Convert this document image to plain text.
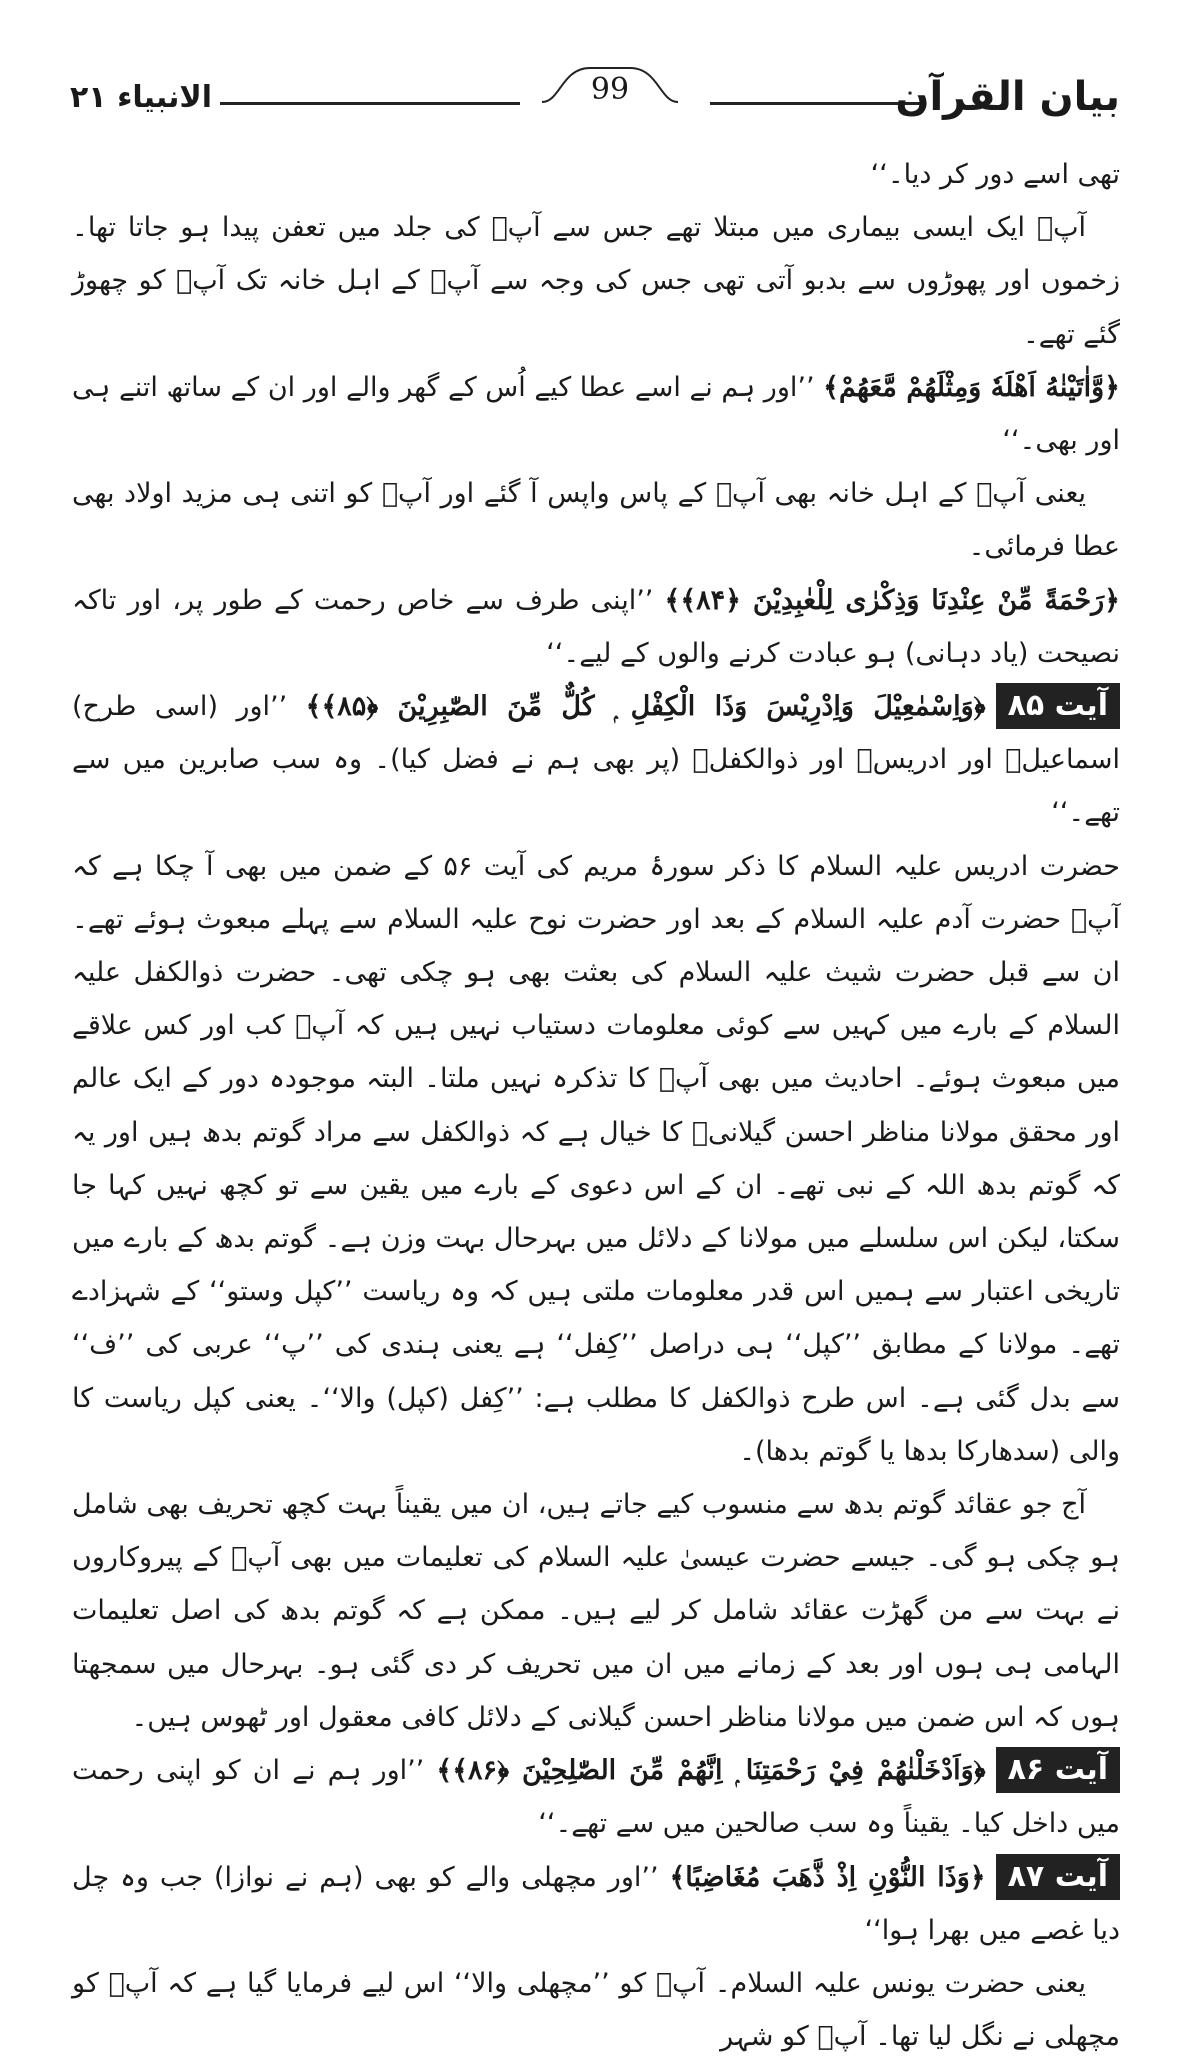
بیان القرآن
الانبیاء ۲۱	99

تھی اسے دور کر دیا۔‘‘

آپؑ ایک ایسی بیماری میں مبتلا تھے جس سے آپؑ کی جلد میں تعفن پیدا ہو جاتا تھا۔ زخموں اور پھوڑوں سے بدبو آتی تھی جس کی وجہ سے آپؑ کے اہل خانہ تک آپؑ کو چھوڑ گئے تھے۔

﴿وَّاٰتَيْنٰهُ اَهْلَهٗ وَمِثْلَهُمْ مَّعَهُمْ﴾ ’’اور ہم نے اسے عطا کیے اُس کے گھر والے اور ان کے ساتھ اتنے ہی اور بھی۔‘‘

یعنی آپؑ کے اہل خانہ بھی آپؑ کے پاس واپس آ گئے اور آپؑ کو اتنی ہی مزید اولاد بھی عطا فرمائی۔

﴿رَحْمَةً مِّنْ عِنْدِنَا وَذِكْرٰى لِلْعٰبِدِيْنَ ﴿۸۴﴾﴾ ’’اپنی طرف سے خاص رحمت کے طور پر، اور تاکہ نصیحت (یاد دہانی) ہو عبادت کرنے والوں کے لیے۔‘‘

آیت ۸۵﴿وَاِسْمٰعِيْلَ وَاِدْرِيْسَ وَذَا الْكِفْلِ ۭ كُلٌّ مِّنَ الصّٰبِرِيْنَ ﴿۸۵﴾﴾ ’’اور (اسی طرح) اسماعیلؑ اور ادریسؑ اور ذوالکفلؑ (پر بھی ہم نے فضل کیا)۔ وہ سب صابرین میں سے تھے۔‘‘

حضرت ادریس علیہ السلام کا ذکر سورۂ مریم کی آیت ۵۶ کے ضمن میں بھی آ چکا ہے کہ آپؑ حضرت آدم علیہ السلام کے بعد اور حضرت نوح علیہ السلام سے پہلے مبعوث ہوئے تھے۔ ان سے قبل حضرت شیث علیہ السلام کی بعثت بھی ہو چکی تھی۔ حضرت ذوالکفل علیہ السلام کے بارے میں کہیں سے کوئی معلومات دستیاب نہیں ہیں کہ آپؑ کب اور کس علاقے میں مبعوث ہوئے۔ احادیث میں بھی آپؑ کا تذکرہ نہیں ملتا۔ البتہ موجودہ دور کے ایک عالم اور محقق مولانا مناظر احسن گیلانیؒ کا خیال ہے کہ ذوالکفل سے مراد گوتم بدھ ہیں اور یہ کہ گوتم بدھ اللہ کے نبی تھے۔ ان کے اس دعوی کے بارے میں یقین سے تو کچھ نہیں کہا جا سکتا، لیکن اس سلسلے میں مولانا کے دلائل میں بہرحال بہت وزن ہے۔ گوتم بدھ کے بارے میں تاریخی اعتبار سے ہمیں اس قدر معلومات ملتی ہیں کہ وہ ریاست ’’کپل وستو‘‘ کے شہزادے تھے۔ مولانا کے مطابق ’’کپل‘‘ ہی دراصل ’’کِفل‘‘ ہے یعنی ہندی کی ’’پ‘‘ عربی کی ’’ف‘‘ سے بدل گئی ہے۔ اس طرح ذوالکفل کا مطلب ہے: ’’کِفل (کپل) والا‘‘۔ یعنی کپل ریاست کا والی (سدھارکا بدھا یا گوتم بدھا)۔

آج جو عقائد گوتم بدھ سے منسوب کیے جاتے ہیں، ان میں یقیناً بہت کچھ تحریف بھی شامل ہو چکی ہو گی۔ جیسے حضرت عیسیٰ علیہ السلام کی تعلیمات میں بھی آپؑ کے پیروکاروں نے بہت سے من گھڑت عقائد شامل کر لیے ہیں۔ ممکن ہے کہ گوتم بدھ کی اصل تعلیمات الہامی ہی ہوں اور بعد کے زمانے میں ان میں تحریف کر دی گئی ہو۔ بہرحال میں سمجھتا ہوں کہ اس ضمن میں مولانا مناظر احسن گیلانی کے دلائل کافی معقول اور ٹھوس ہیں۔

آیت ۸۶﴿وَاَدْخَلْنٰهُمْ فِيْ رَحْمَتِنَا ۭ اِنَّهُمْ مِّنَ الصّٰلِحِيْنَ ﴿۸۶﴾﴾ ’’اور ہم نے ان کو اپنی رحمت میں داخل کیا۔ یقیناً وہ سب صالحین میں سے تھے۔‘‘

آیت ۸۷﴿وَذَا النُّوْنِ اِذْ ذَّهَبَ مُغَاضِبًا﴾ ’’اور مچھلی والے کو بھی (ہم نے نوازا) جب وہ چل دیا غصے میں بھرا ہوا‘‘

یعنی حضرت یونس علیہ السلام۔ آپؑ کو ’’مچھلی والا‘‘ اس لیے فرمایا گیا ہے کہ آپؑ کو مچھلی نے نگل لیا تھا۔ آپؑ کو شہر
